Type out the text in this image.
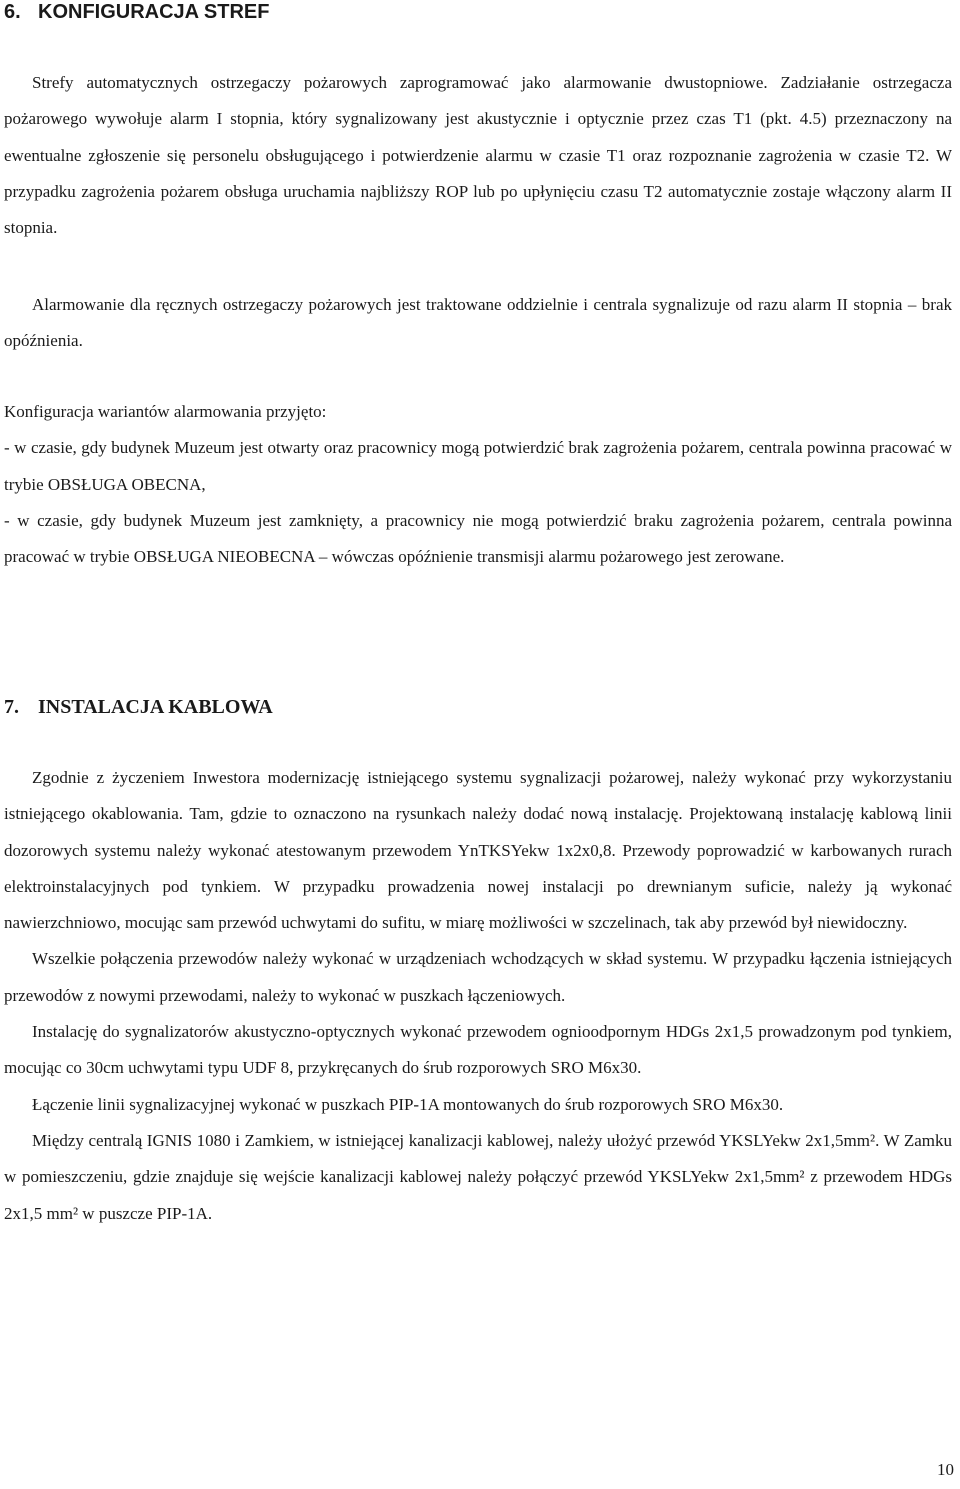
6. KONFIGURACJA STREF

Strefy automatycznych ostrzegaczy pożarowych zaprogramować jako alarmowanie dwustopniowe. Zadziałanie ostrzegacza pożarowego wywołuje alarm I stopnia, który sygnalizowany jest akustycznie i optycznie przez czas T1 (pkt. 4.5) przeznaczony na ewentualne zgłoszenie się personelu obsługującego i potwierdzenie alarmu w czasie T1 oraz rozpoznanie zagrożenia w czasie T2. W przypadku zagrożenia pożarem obsługa uruchamia najbliższy ROP lub po upłynięciu czasu T2 automatycznie zostaje włączony alarm II stopnia.

Alarmowanie dla ręcznych ostrzegaczy pożarowych jest traktowane oddzielnie i centrala sygnalizuje od razu alarm II stopnia – brak opóźnienia.

Konfiguracja wariantów alarmowania przyjęto:

- w czasie, gdy budynek Muzeum jest otwarty oraz pracownicy mogą potwierdzić brak zagrożenia pożarem, centrala powinna pracować w trybie OBSŁUGA OBECNA,

- w czasie, gdy budynek Muzeum jest zamknięty, a pracownicy nie mogą potwierdzić braku zagrożenia pożarem, centrala powinna pracować w trybie OBSŁUGA NIEOBECNA – wówczas opóźnienie transmisji alarmu pożarowego jest zerowane.

7. INSTALACJA KABLOWA

Zgodnie z życzeniem Inwestora modernizację istniejącego systemu sygnalizacji pożarowej, należy wykonać przy wykorzystaniu istniejącego okablowania. Tam, gdzie to oznaczono na rysunkach należy dodać nową instalację. Projektowaną instalację kablową linii dozorowych systemu należy wykonać atestowanym przewodem YnTKSYekw 1x2x0,8. Przewody poprowadzić w karbowanych rurach elektroinstalacyjnych pod tynkiem. W przypadku prowadzenia nowej instalacji po drewnianym suficie, należy ją wykonać nawierzchniowo, mocując sam przewód uchwytami do sufitu, w miarę możliwości w szczelinach, tak aby przewód był niewidoczny.

Wszelkie połączenia przewodów należy wykonać w urządzeniach wchodzących w skład systemu. W przypadku łączenia istniejących przewodów z nowymi przewodami, należy to wykonać w puszkach łączeniowych.

Instalację do sygnalizatorów akustyczno-optycznych wykonać przewodem ognioodpornym HDGs 2x1,5 prowadzonym pod tynkiem, mocując co 30cm uchwytami typu UDF 8, przykręcanych do śrub rozporowych SRO M6x30.

Łączenie linii sygnalizacyjnej wykonać w puszkach PIP-1A montowanych do śrub rozporowych SRO M6x30.

Między centralą IGNIS 1080 i Zamkiem, w istniejącej kanalizacji kablowej, należy ułożyć przewód YKSLYekw 2x1,5mm². W Zamku w pomieszczeniu, gdzie znajduje się wejście kanalizacji kablowej należy połączyć przewód YKSLYekw 2x1,5mm² z przewodem HDGs 2x1,5 mm² w puszcze PIP-1A.

10
